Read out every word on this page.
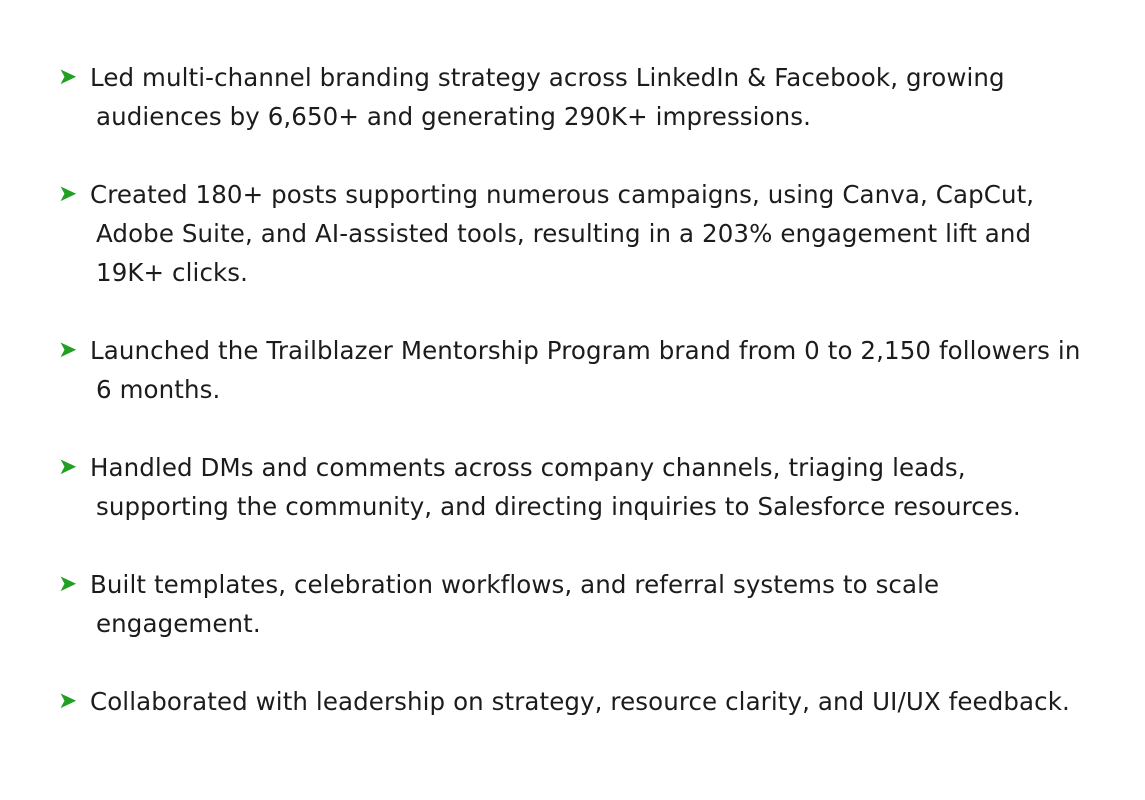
➤ Led multi-channel branding strategy across LinkedIn & Facebook, growing audiences by 6,650+ and generating 290K+ impressions.
➤ Created 180+ posts supporting numerous campaigns, using Canva, CapCut, Adobe Suite, and AI-assisted tools, resulting in a 203% engagement lift and 19K+ clicks.
➤ Launched the Trailblazer Mentorship Program brand from 0 to 2,150 followers in 6 months.
➤ Handled DMs and comments across company channels, triaging leads, supporting the community, and directing inquiries to Salesforce resources.
➤ Built templates, celebration workflows, and referral systems to scale engagement.
➤ Collaborated with leadership on strategy, resource clarity, and UI/UX feedback.
